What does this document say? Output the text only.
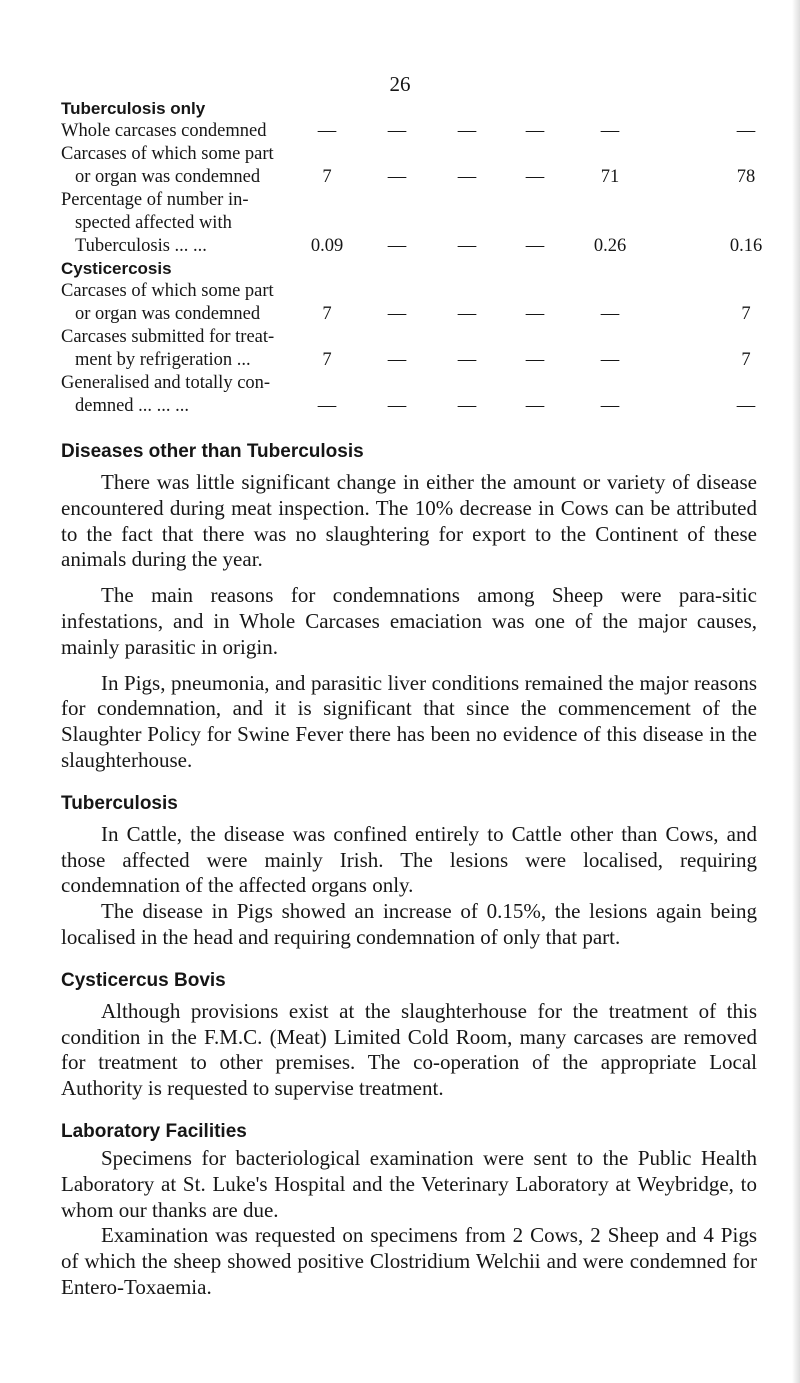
26
Tuberculosis only
Whole carcases condemned	—	—	—	—	—	—
Carcases of which some part
or organ was condemned	7	—	—	—	71	78
Percentage of number in-
spected affected with
Tuberculosis ... ...	0.09	—	—	—	0.26	0.16
Cysticercosis
Carcases of which some part
or organ was condemned	7	—	—	—	—	7
Carcases submitted for treat-
ment by refrigeration ...	7	—	—	—	—	7
Generalised and totally con-
demned ... ... ...	—	—	—	—	—	—
Diseases other than Tuberculosis

There was little significant change in either the amount or variety of disease encountered during meat inspection. The 10% decrease in Cows can be attributed to the fact that there was no slaughtering for export to the Continent of these animals during the year.

The main reasons for condemnations among Sheep were para-sitic infestations, and in Whole Carcases emaciation was one of the major causes, mainly parasitic in origin.

In Pigs, pneumonia, and parasitic liver conditions remained the major reasons for condemnation, and it is significant that since the commencement of the Slaughter Policy for Swine Fever there has been no evidence of this disease in the slaughterhouse.

Tuberculosis

In Cattle, the disease was confined entirely to Cattle other than Cows, and those affected were mainly Irish. The lesions were localised, requiring condemnation of the affected organs only.

The disease in Pigs showed an increase of 0.15%, the lesions again being localised in the head and requiring condemnation of only that part.

Cysticercus Bovis

Although provisions exist at the slaughterhouse for the treatment of this condition in the F.M.C. (Meat) Limited Cold Room, many carcases are removed for treatment to other premises. The co-operation of the appropriate Local Authority is requested to supervise treatment.

Laboratory Facilities

Specimens for bacteriological examination were sent to the Public Health Laboratory at St. Luke's Hospital and the Veterinary Laboratory at Weybridge, to whom our thanks are due.

Examination was requested on specimens from 2 Cows, 2 Sheep and 4 Pigs of which the sheep showed positive Clostridium Welchii and were condemned for Entero-Toxaemia.
